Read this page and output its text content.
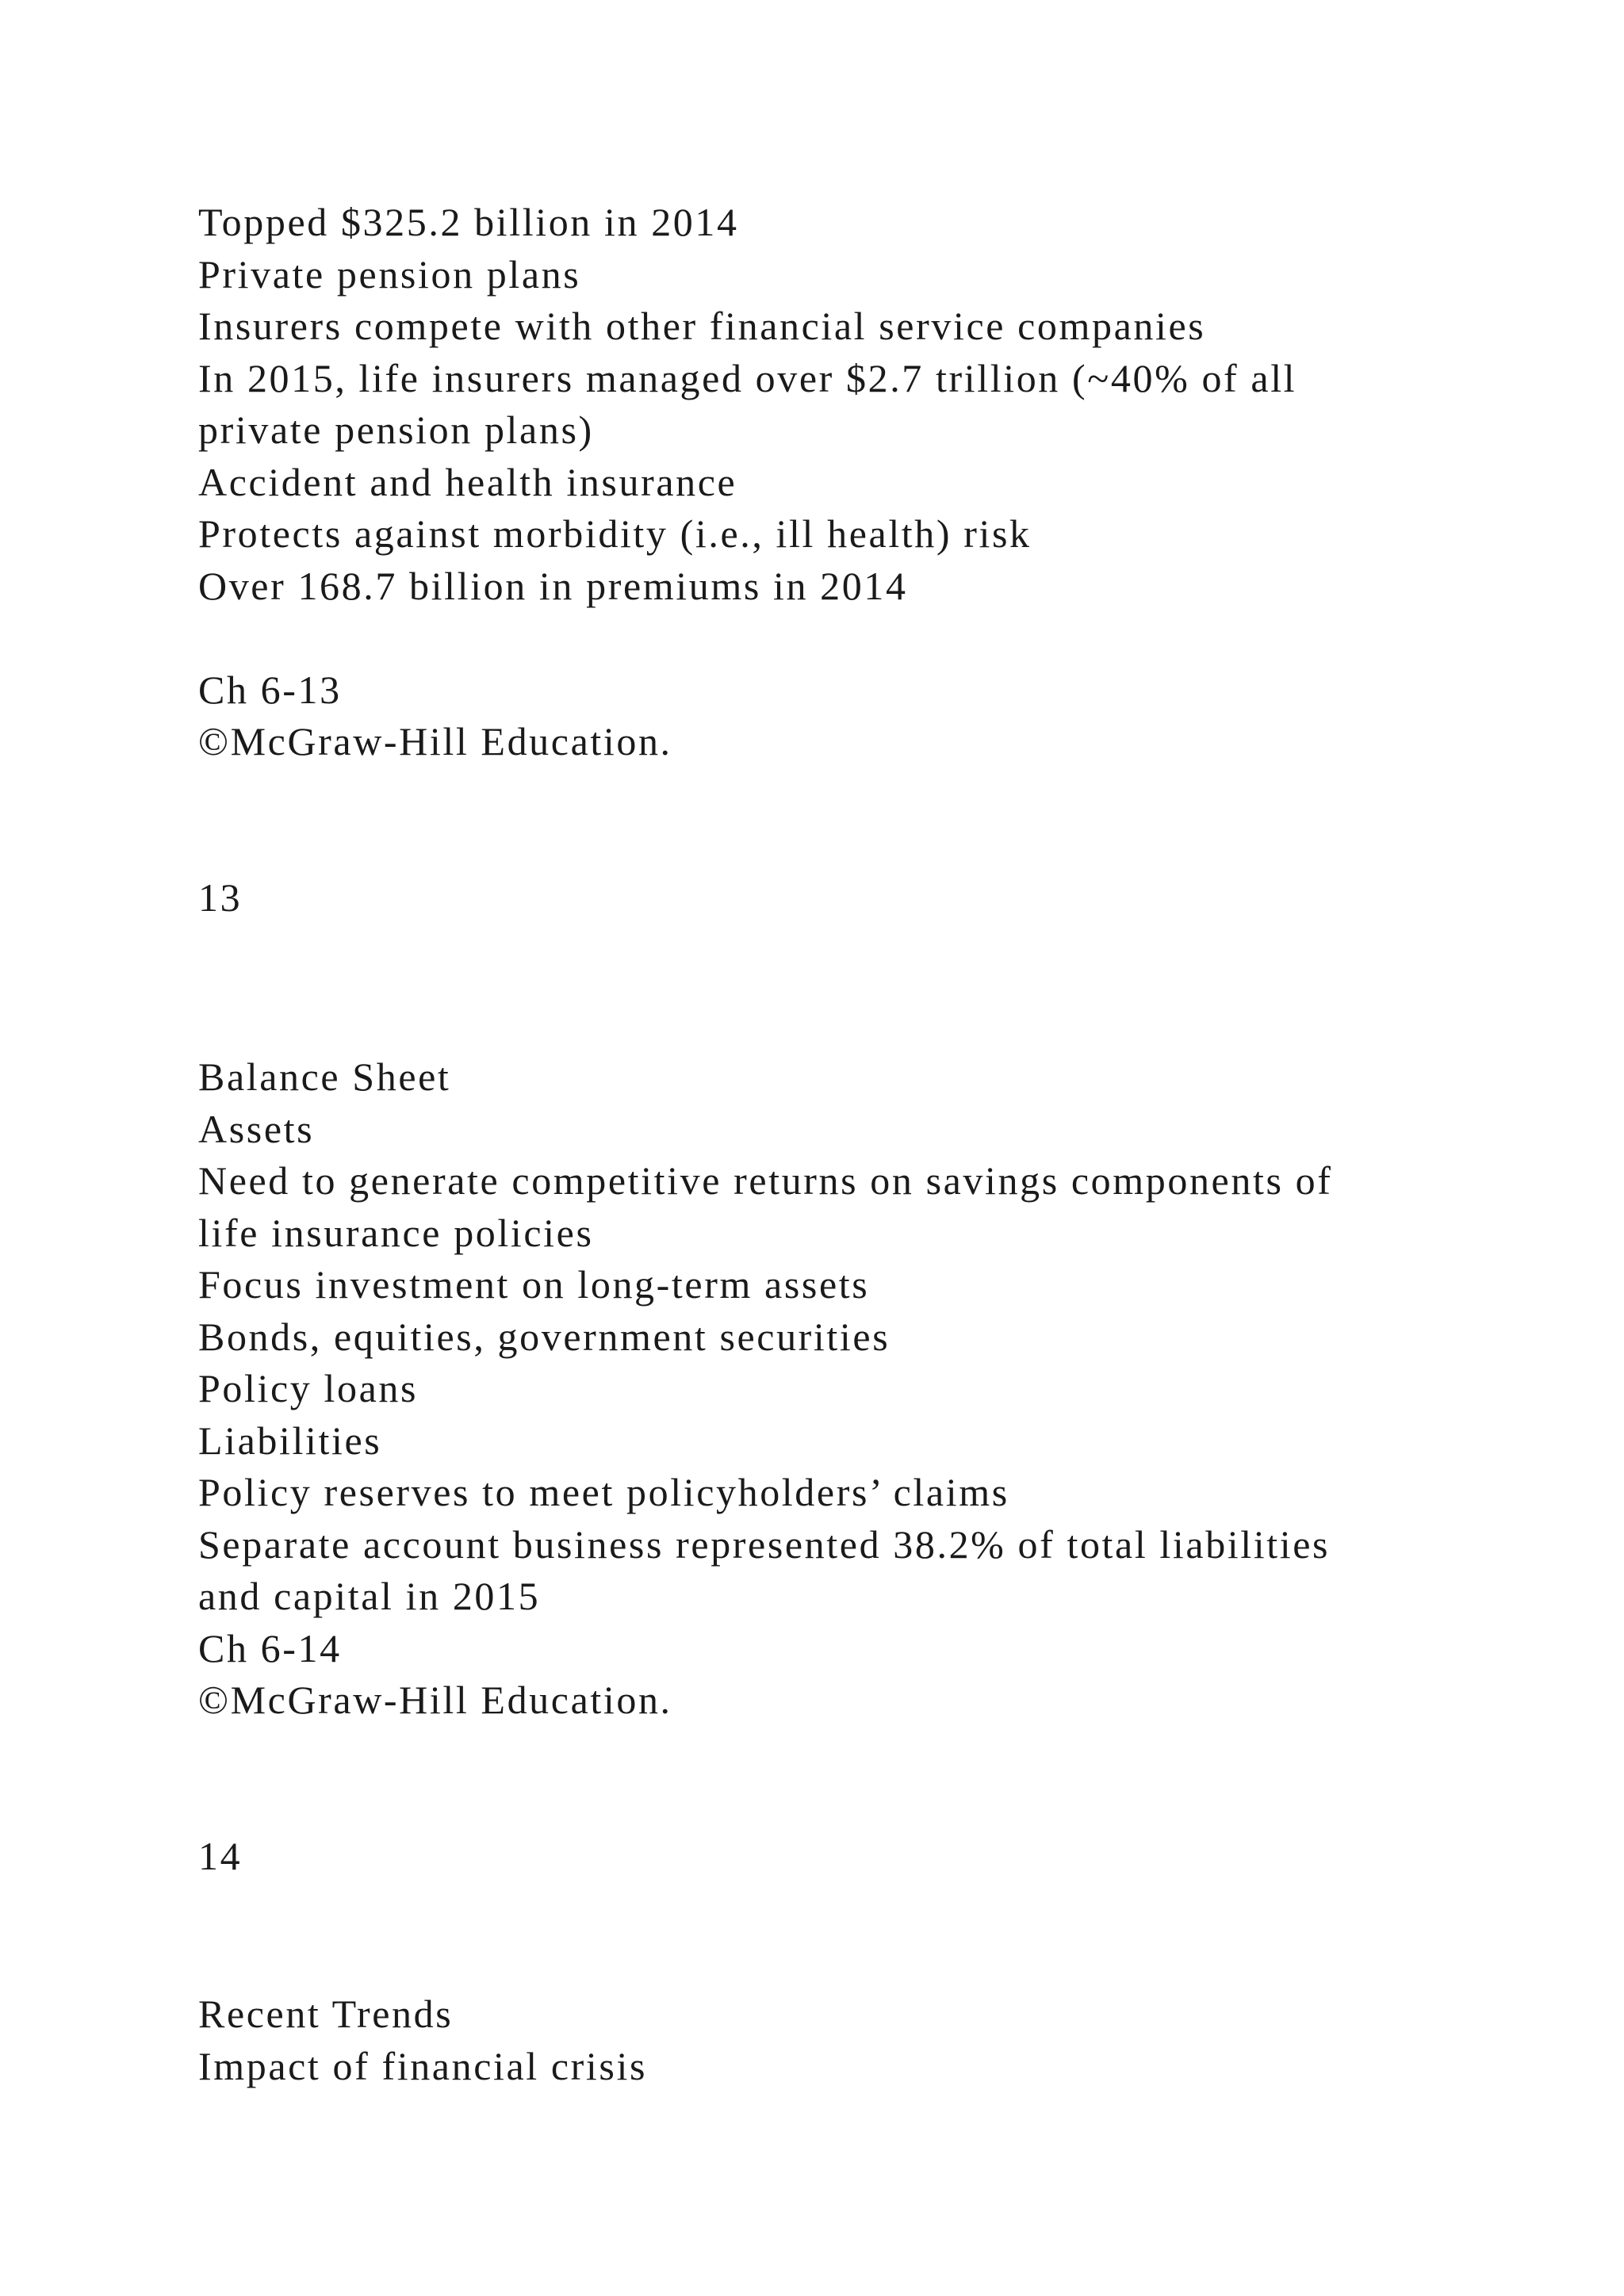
Topped $325.2 billion in 2014
Private pension plans
Insurers compete with other financial service companies
In 2015, life insurers managed over $2.7 trillion (~40% of all
private pension plans)
Accident and health insurance
Protects against morbidity (i.e., ill health) risk
Over 168.7 billion in premiums in 2014
Ch 6-13
©McGraw-Hill Education.
13
Balance Sheet
Assets
Need to generate competitive returns on savings components of
life insurance policies
Focus investment on long-term assets
Bonds, equities, government securities
Policy loans
Liabilities
Policy reserves to meet policyholders’ claims
Separate account business represented 38.2% of total liabilities
and capital in 2015
Ch 6-14
©McGraw-Hill Education.
14
Recent Trends
Impact of financial crisis
